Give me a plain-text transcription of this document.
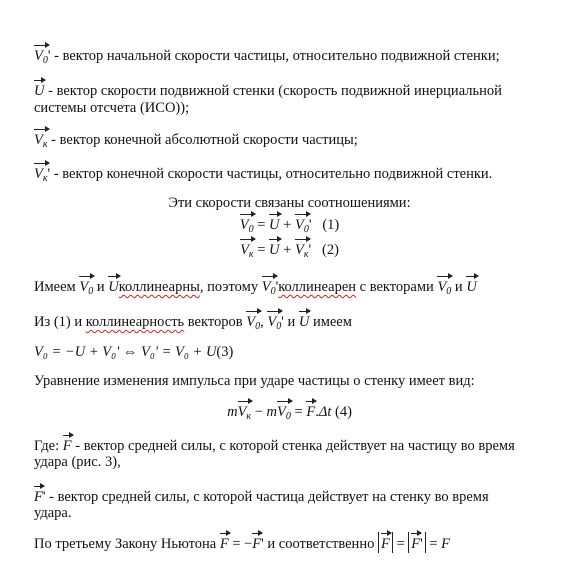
$V_0'$ - вектор начальной скорости частицы, относительно подвижной стенки;
U - вектор скорости подвижной стенки (скорость подвижной инерциальной
системы отсчета (ИСО));
$V_к$ - вектор конечной абсолютной скорости частицы;
$V_к'$ - вектор конечной скорости частицы, относительно подвижной стенки.
Эти скорости связаны соотношениями:
$V_0 = U + V_0'$   (1)
$V_к = U + V_к'$   (2)
Имеем $V_0$ и Uколлинеарны, поэтому $V_0'коллинеарен$ с векторами $V_0$ и U
Из (1) и коллинеарность векторов $V_0$, $V_0'$ и U имеем
V₀ = −U + V₀' ⇔ V₀' = V₀ + U(3)
Уравнение изменения импульса при ударе частицы о стенку имеет вид:
$mV_к - mV_0 = F.\Delta t$ (4)
Где: F - вектор средней силы, с которой стенка действует на частицу во время
удара (рис. 3),
F' - вектор средней силы, с которой частица действует на стенку во время
удара.
По третьему Закону Ньютона F = −F' и соответственно F = F' = F
